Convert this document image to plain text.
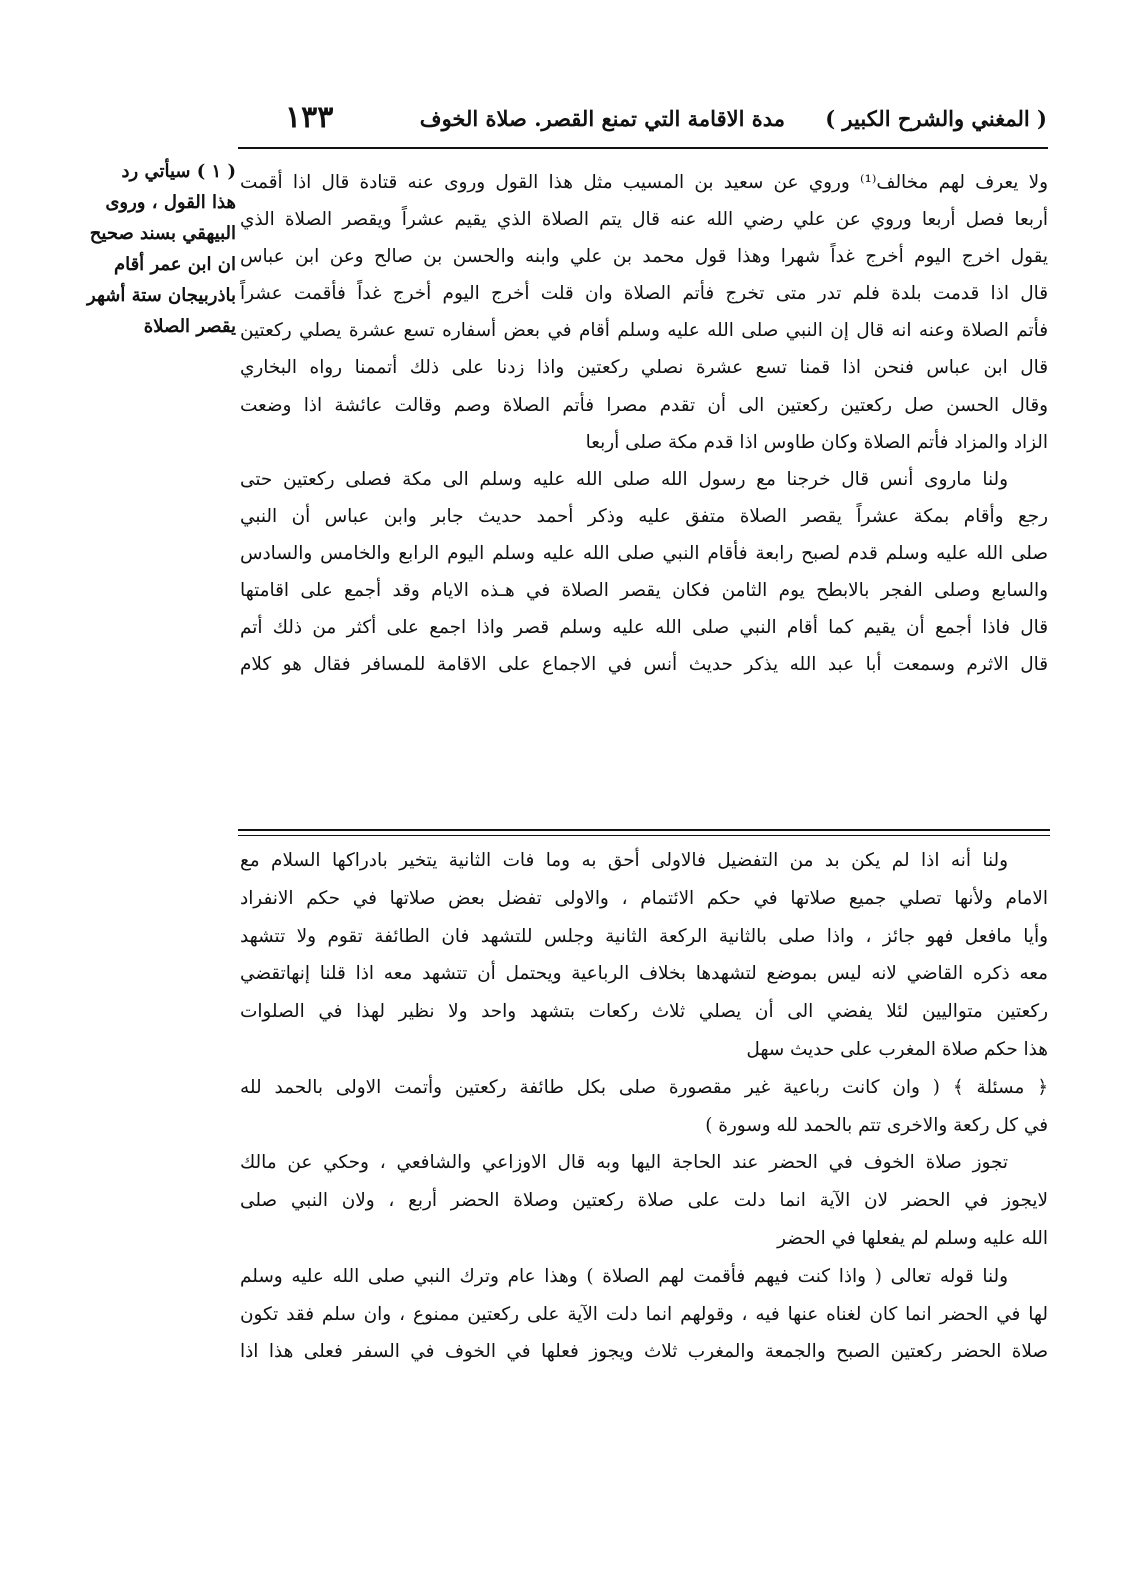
( المغني والشرح الكبير )
مدة الاقامة التي تمنع القصر. صلاة الخوف
١٣٣
( ١ ) سيأتي رد
هذا القول ، وروى
البيهقي بسند صحيح
ان ابن عمر أقام
باذربيجان ستة أشهر
يقصر الصلاة
ولا يعرف لهم مخالف⁽¹⁾ وروي عن سعيد بن المسيب مثل هذا القول وروى عنه قتادة قال اذا أقمت
أربعا فصل أربعا وروي عن علي رضي الله عنه قال يتم الصلاة الذي يقيم عشراً ويقصر الصلاة الذي
يقول اخرج اليوم أخرج غداً شهرا وهذا قول محمد بن علي وابنه والحسن بن صالح وعن ابن عباس
قال اذا قدمت بلدة فلم تدر متى تخرج فأتم الصلاة وان قلت أخرج اليوم أخرج غداً فأقمت عشراً
فأتم الصلاة وعنه انه قال إن النبي صلى الله عليه وسلم أقام في بعض أسفاره تسع عشرة يصلي ركعتين
قال ابن عباس فنحن اذا قمنا تسع عشرة نصلي ركعتين واذا زدنا على ذلك أتممنا رواه البخاري
وقال الحسن صل ركعتين ركعتين الى أن تقدم مصرا فأتم الصلاة وصم وقالت عائشة اذا وضعت
الزاد والمزاد فأتم الصلاة وكان طاوس اذا قدم مكة صلى أربعا
ولنا ماروى أنس قال خرجنا مع رسول الله صلى الله عليه وسلم الى مكة فصلى ركعتين حتى
رجع وأقام بمكة عشراً يقصر الصلاة متفق عليه وذكر أحمد حديث جابر وابن عباس أن النبي
صلى الله عليه وسلم قدم لصبح رابعة فأقام النبي صلى الله عليه وسلم اليوم الرابع والخامس والسادس
والسابع وصلى الفجر بالابطح يوم الثامن فكان يقصر الصلاة في هـذه الايام وقد أجمع على اقامتها
قال فاذا أجمع أن يقيم كما أقام النبي صلى الله عليه وسلم قصر واذا اجمع على أكثر من ذلك أتم
قال الاثرم وسمعت أبا عبد الله يذكر حديث أنس في الاجماع على الاقامة للمسافر فقال هو كلام
ولنا أنه اذا لم يكن بد من التفضيل فالاولى أحق به وما فات الثانية يتخير بادراكها السلام مع
الامام ولأنها تصلي جميع صلاتها في حكم الائتمام ، والاولى تفضل بعض صلاتها في حكم الانفراد
وأيا مافعل فهو جائز ، واذا صلى بالثانية الركعة الثانية وجلس للتشهد فان الطائفة تقوم ولا تتشهد
معه ذكره القاضي لانه ليس بموضع لتشهدها بخلاف الرباعية ويحتمل أن تتشهد معه اذا قلنا إنهاتقضي
ركعتين متواليين لئلا يفضي الى أن يصلي ثلاث ركعات بتشهد واحد ولا نظير لهذا في الصلوات
هذا حكم صلاة المغرب على حديث سهل
﴿ مسئلة ﴾ ( وان كانت رباعية غير مقصورة صلى بكل طائفة ركعتين وأتمت الاولى بالحمد لله
في كل ركعة والاخرى تتم بالحمد لله وسورة )
تجوز صلاة الخوف في الحضر عند الحاجة اليها وبه قال الاوزاعي والشافعي ، وحكي عن مالك
لايجوز في الحضر لان الآية انما دلت على صلاة ركعتين وصلاة الحضر أربع ، ولان النبي صلى
الله عليه وسلم لم يفعلها في الحضر
ولنا قوله تعالى ( واذا كنت فيهم فأقمت لهم الصلاة ) وهذا عام وترك النبي صلى الله عليه وسلم
لها في الحضر انما كان لغناه عنها فيه ، وقولهم انما دلت الآية على ركعتين ممنوع ، وان سلم فقد تكون
صلاة الحضر ركعتين الصبح والجمعة والمغرب ثلاث ويجوز فعلها في الخوف في السفر فعلى هذا اذا
